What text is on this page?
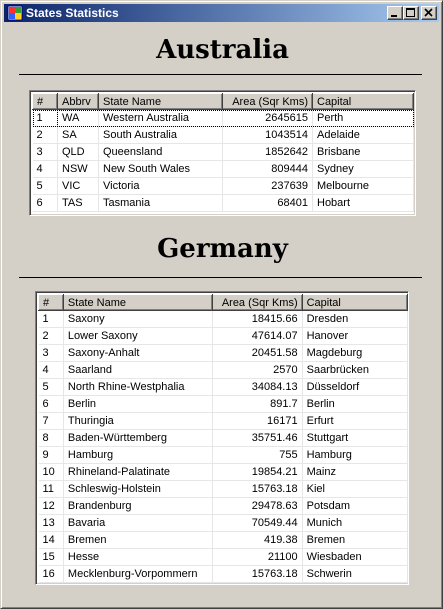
States Statistics
Australia
#	Abbrv	State Name	Area (Sqr Kms)	Capital
1	WA	Western Australia	2645615	Perth
2	SA	South Australia	1043514	Adelaide
3	QLD	Queensland	1852642	Brisbane
4	NSW	New South Wales	809444	Sydney
5	VIC	Victoria	237639	Melbourne
6	TAS	Tasmania	68401	Hobart
Germany
#	State Name	Area (Sqr Kms)	Capital
1	Saxony	18415.66	Dresden
2	Lower Saxony	47614.07	Hanover
3	Saxony-Anhalt	20451.58	Magdeburg
4	Saarland	2570	Saarbrücken
5	North Rhine-Westphalia	34084.13	Düsseldorf
6	Berlin	891.7	Berlin
7	Thuringia	16171	Erfurt
8	Baden-Württemberg	35751.46	Stuttgart
9	Hamburg	755	Hamburg
10	Rhineland-Palatinate	19854.21	Mainz
11	Schleswig-Holstein	15763.18	Kiel
12	Brandenburg	29478.63	Potsdam
13	Bavaria	70549.44	Munich
14	Bremen	419.38	Bremen
15	Hesse	21100	Wiesbaden
16	Mecklenburg-Vorpommern	15763.18	Schwerin
